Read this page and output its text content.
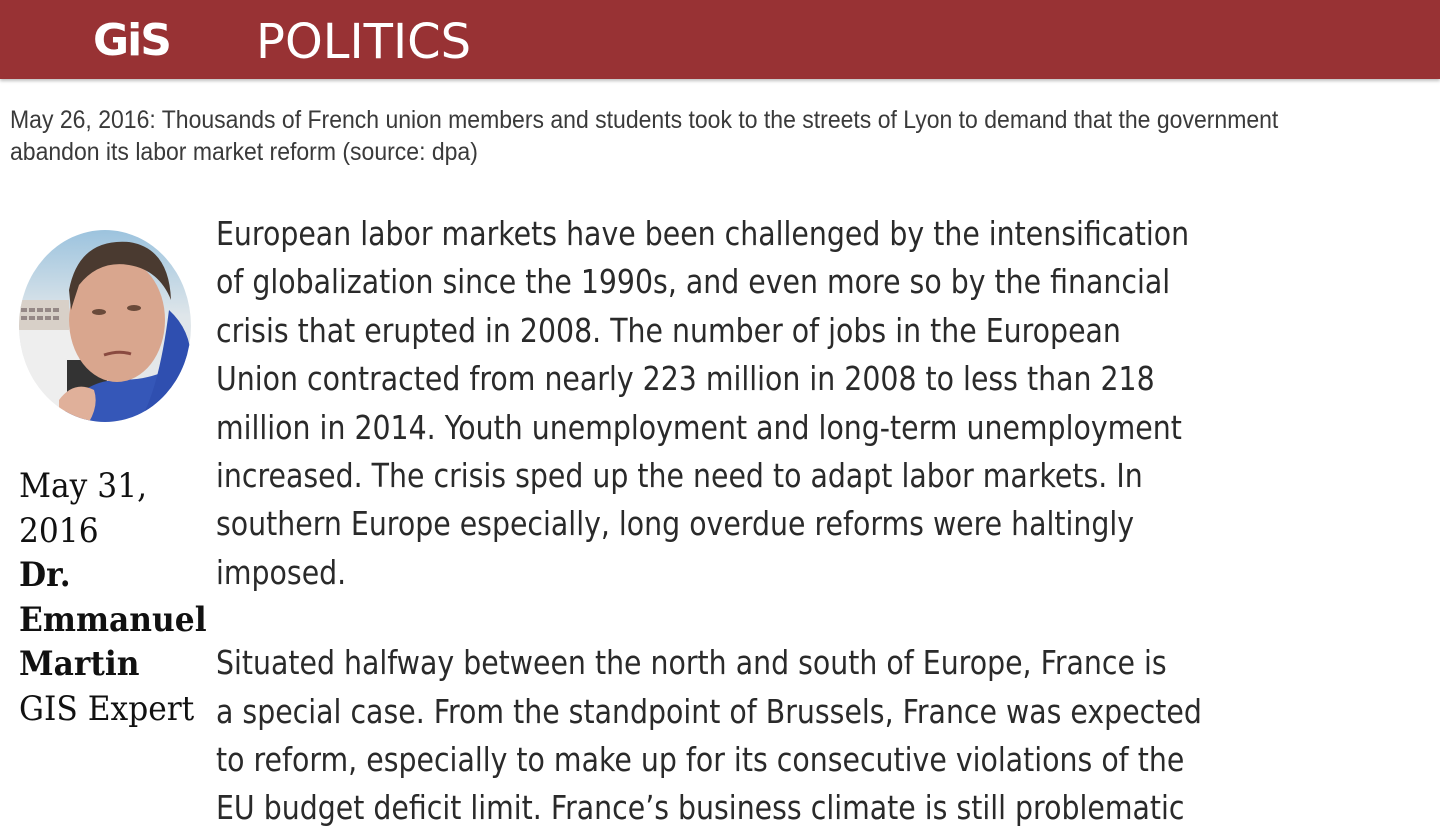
GiS POLITICS
May 26, 2016: Thousands of French union members and students took to the streets of Lyon to demand that the government
abandon its labor market reform (source: dpa)
May 31,
2016
Dr.
Emmanuel
Martin
GIS Expert

European labor markets have been challenged by the intensification
of globalization since the 1990s, and even more so by the financial
crisis that erupted in 2008. The number of jobs in the European
Union contracted from nearly 223 million in 2008 to less than 218
million in 2014. Youth unemployment and long-term unemployment
increased. The crisis sped up the need to adapt labor markets. In
southern Europe especially, long overdue reforms were haltingly
imposed.

Situated halfway between the north and south of Europe, France is
a special case. From the standpoint of Brussels, France was expected
to reform, especially to make up for its consecutive violations of the
EU budget deficit limit. France’s business climate is still problematic
